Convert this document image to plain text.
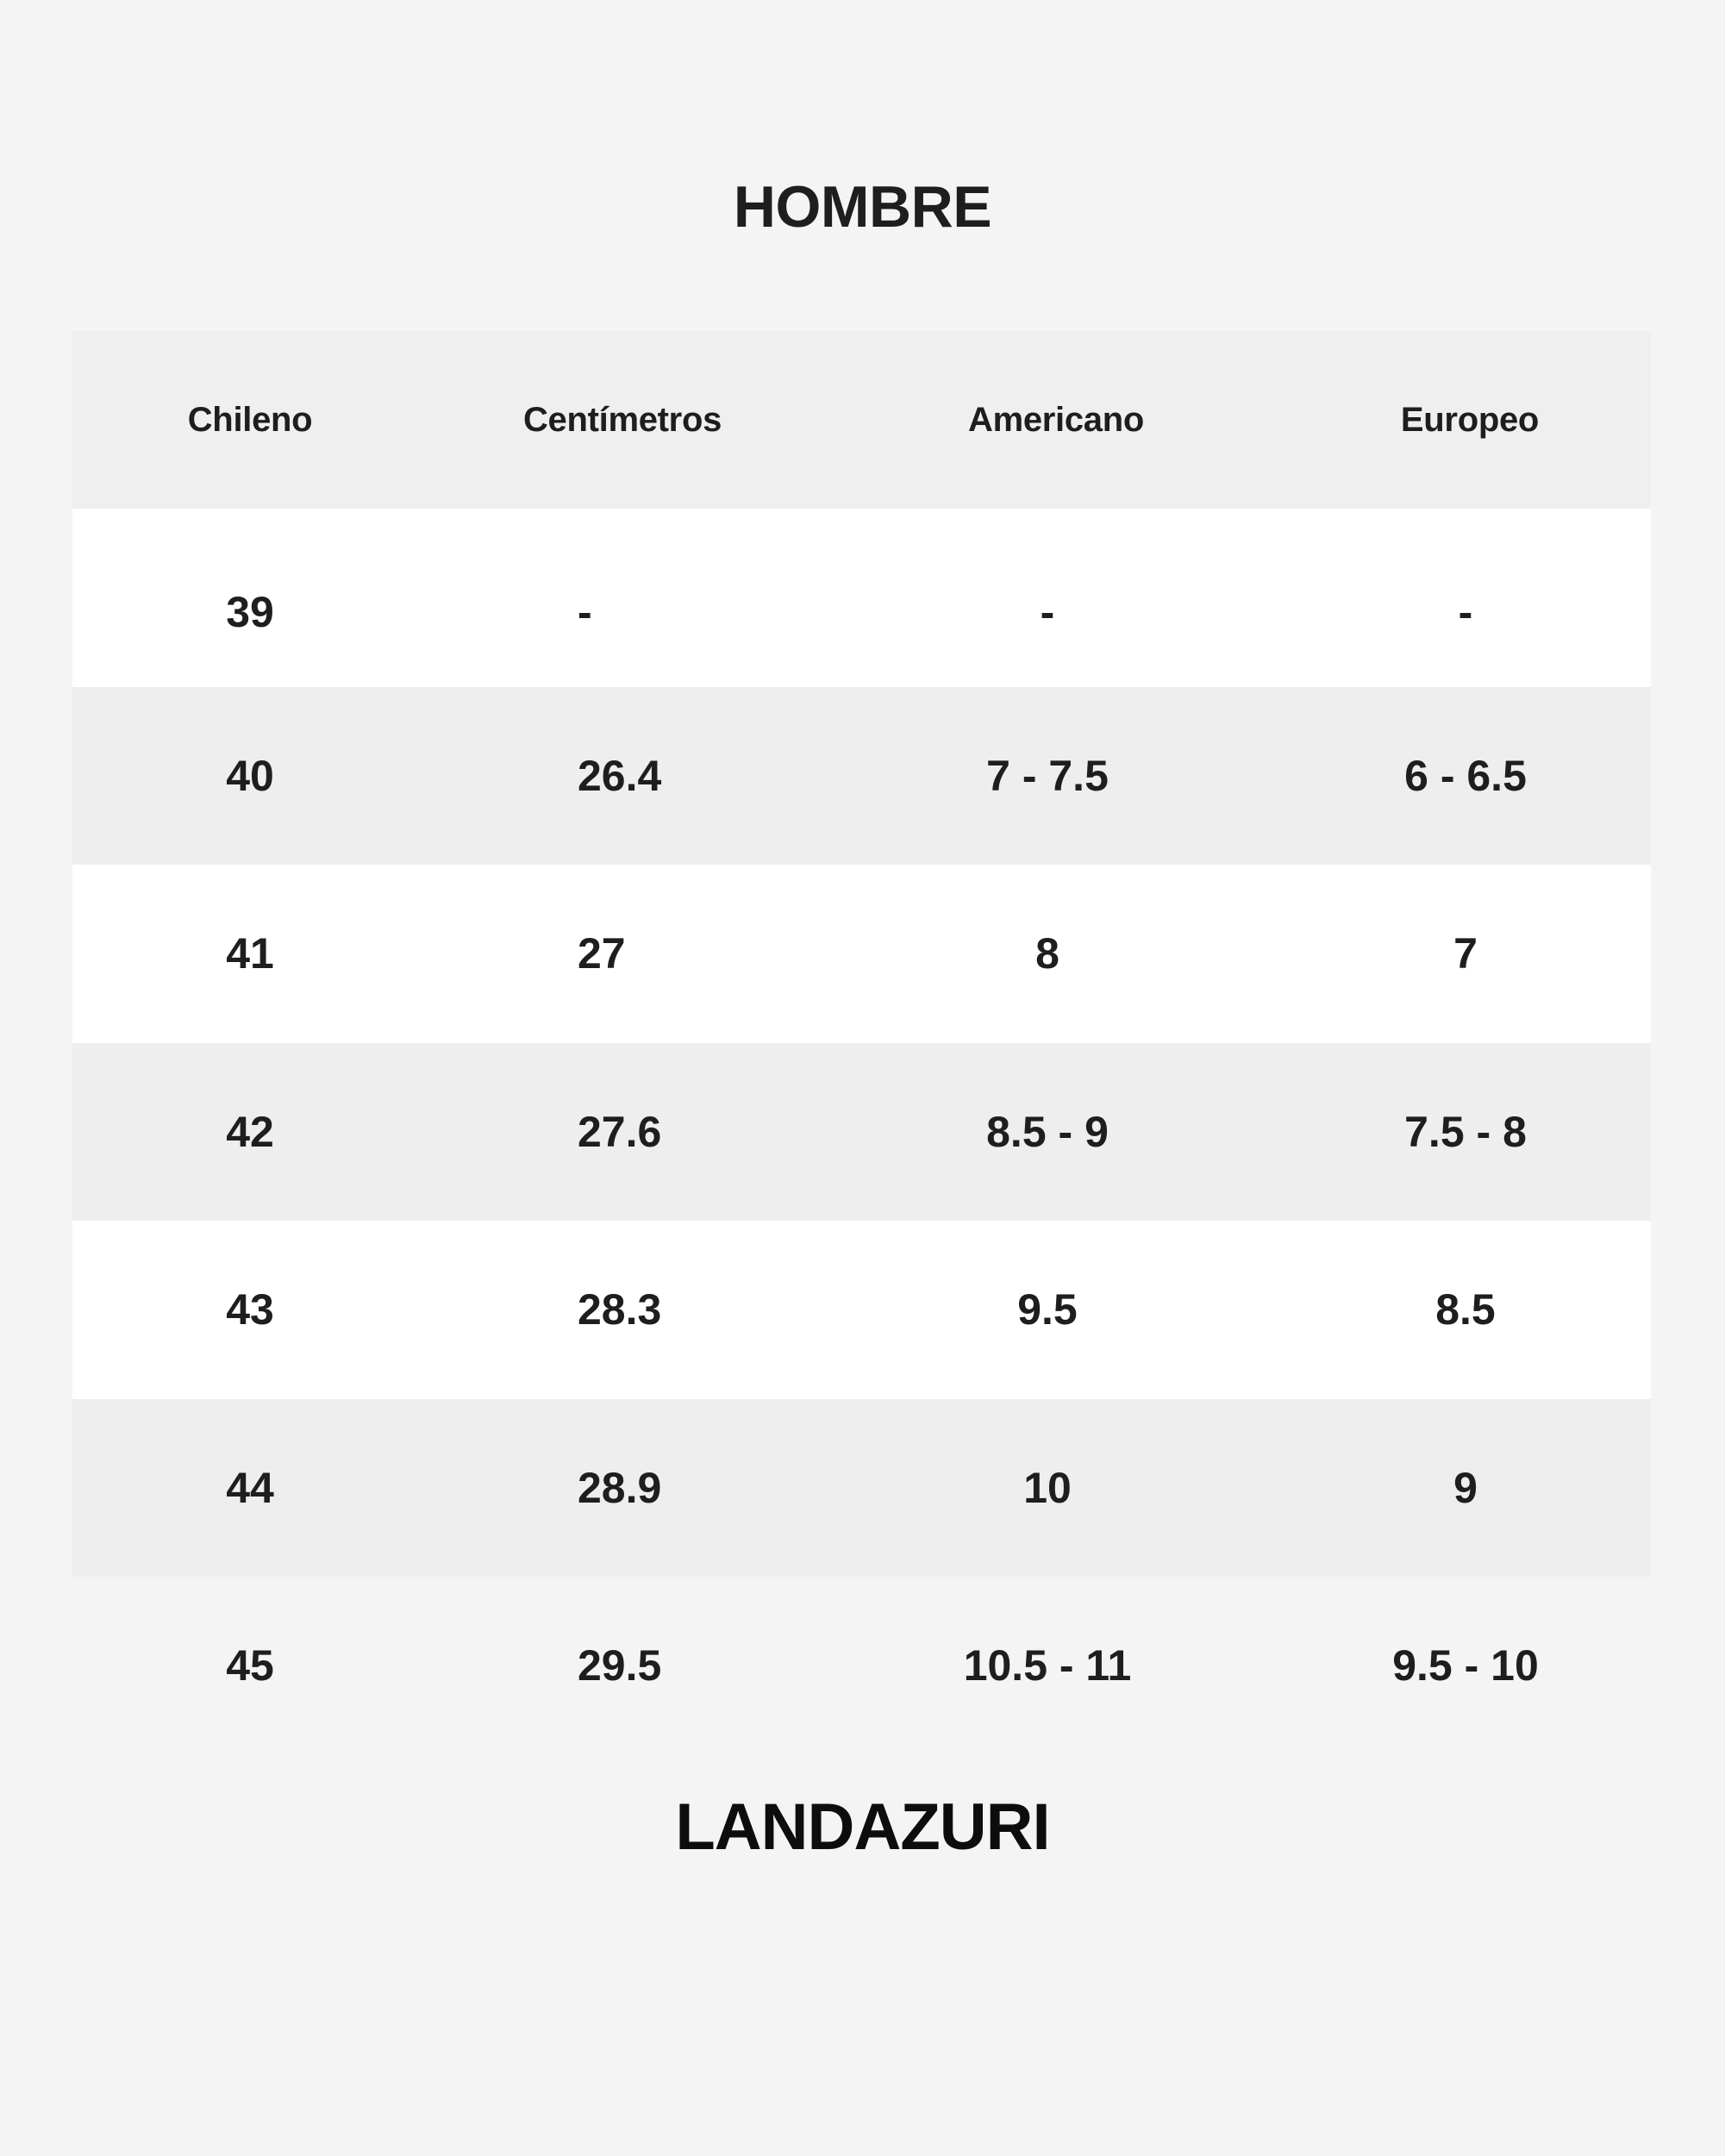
HOMBRE
Chileno	Centímetros	Americano	Europeo
39	-	-	-
40	26.4	7 - 7.5	6 - 6.5
41	27	8	7
42	27.6	8.5 - 9	7.5 - 8
43	28.3	9.5	8.5
44	28.9	10	9
45	29.5	10.5 - 11	9.5 - 10
LANDAZURI
